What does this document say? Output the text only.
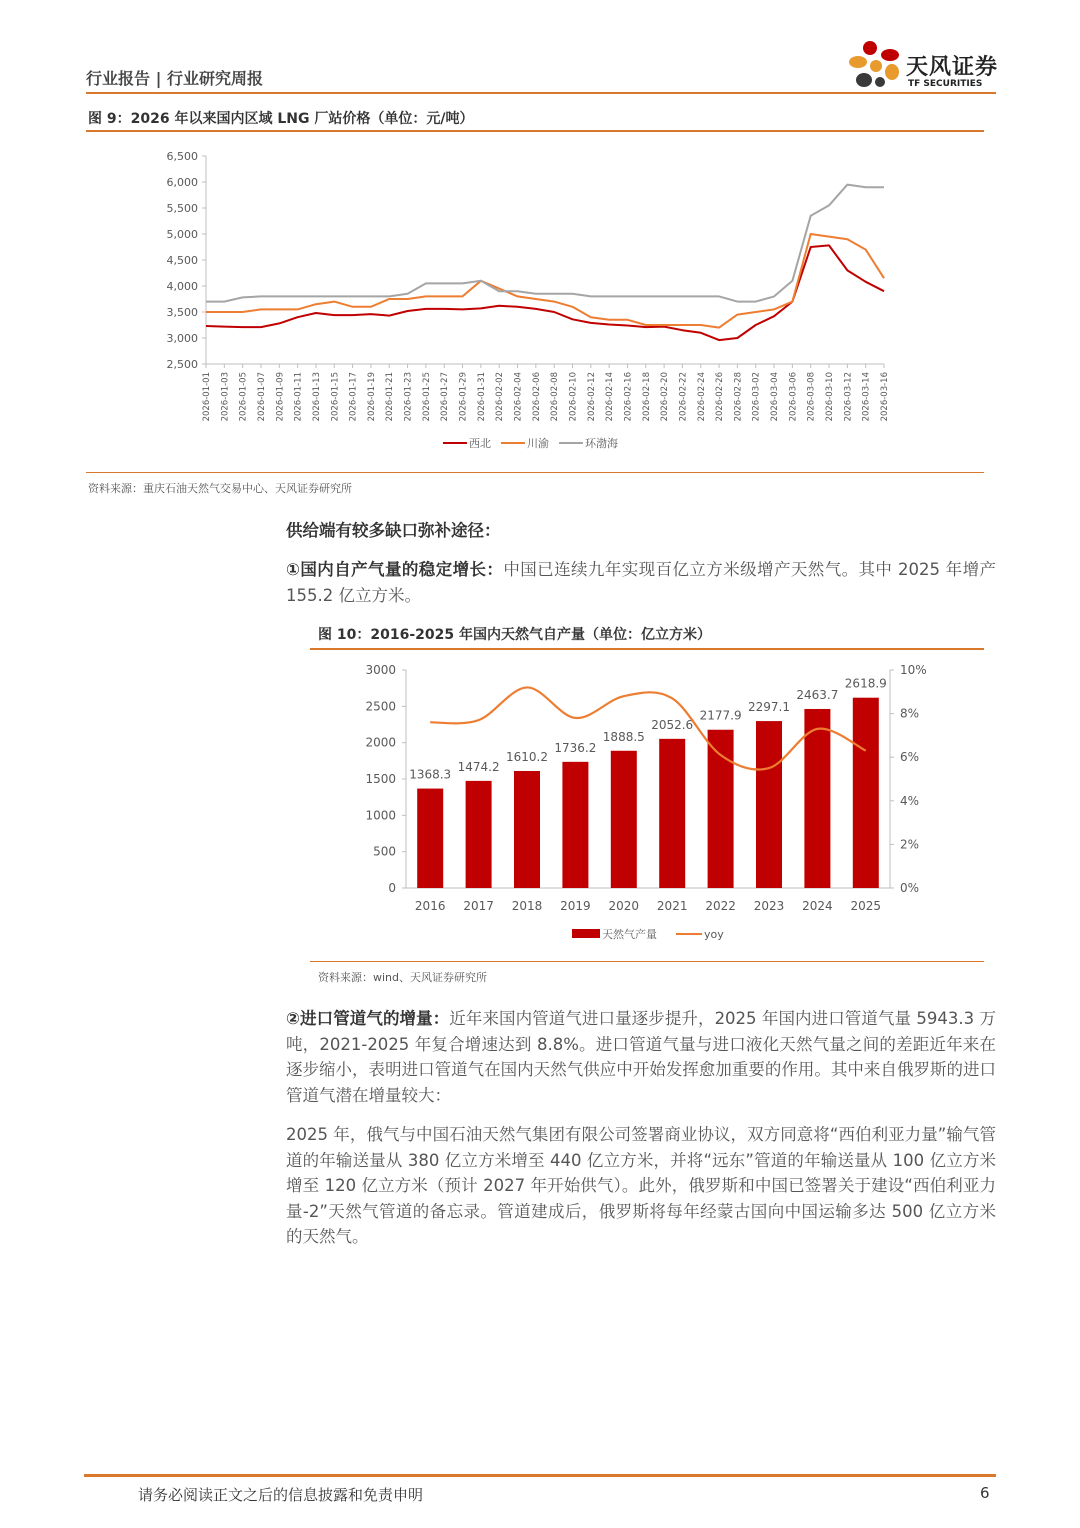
行业报告 | 行业研究周报	天风证券
TF SECURITIES
图 9：2026 年以来国内区域 LNG 厂站价格（单位：元/吨）
2,500
3,000
3,500
4,000
4,500
5,000
5,500
6,000
6,500
2026-01-01 2026-01-03 2026-01-05 2026-01-07 2026-01-09 2026-01-11 2026-01-13 2026-01-15 2026-01-17 2026-01-19 2026-01-21 2026-01-23 2026-01-25 2026-01-27 2026-01-29 2026-01-31 2026-02-02 2026-02-04 2026-02-06 2026-02-08 2026-02-10 2026-02-12 2026-02-14 2026-02-16 2026-02-18 2026-02-20 2026-02-22 2026-02-24 2026-02-26 2026-02-28 2026-03-02 2026-03-04 2026-03-06 2026-03-08 2026-03-10 2026-03-12 2026-03-14 2026-03-16
西北	川渝	环渤海
资料来源：重庆石油天然气交易中心、天风证券研究所
供给端有较多缺口弥补途径：
①国内自产气量的稳定增长：中国已连续九年实现百亿立方米级增产天然气。其中 2025 年增产 155.2 亿立方米。
图 10：2016-2025 年国内天然气自产量（单位：亿立方米）
0
500
1000
1500
2000
2500
3000
0%
2%
4%
6%
8%
10%
1368.3
2016
1474.2
2017
1610.2
2018
1736.2
2019
1888.5
2020
2052.6
2021
2177.9
2022
2297.1
2023
2463.7
2024
2618.9
2025
天然气产量	yoy
资料来源：wind、天风证券研究所
②进口管道气的增量：近年来国内管道气进口量逐步提升，2025 年国内进口管道气量 5943.3 万吨，2021-2025 年复合增速达到 8.8%。进口管道气量与进口液化天然气量之间的差距近年来在逐步缩小，表明进口管道气在国内天然气供应中开始发挥愈加重要的作用。其中来自俄罗斯的进口管道气潜在增量较大：
2025 年，俄气与中国石油天然气集团有限公司签署商业协议，双方同意将“西伯利亚力量”输气管道的年输送量从 380 亿立方米增至 440 亿立方米，并将“远东”管道的年输送量从 100 亿立方米增至 120 亿立方米（预计 2027 年开始供气）。此外，俄罗斯和中国已签署关于建设“西伯利亚力量-2”天然气管道的备忘录。管道建成后，俄罗斯将每年经蒙古国向中国运输多达 500 亿立方米的天然气。
请务必阅读正文之后的信息披露和免责申明	6
